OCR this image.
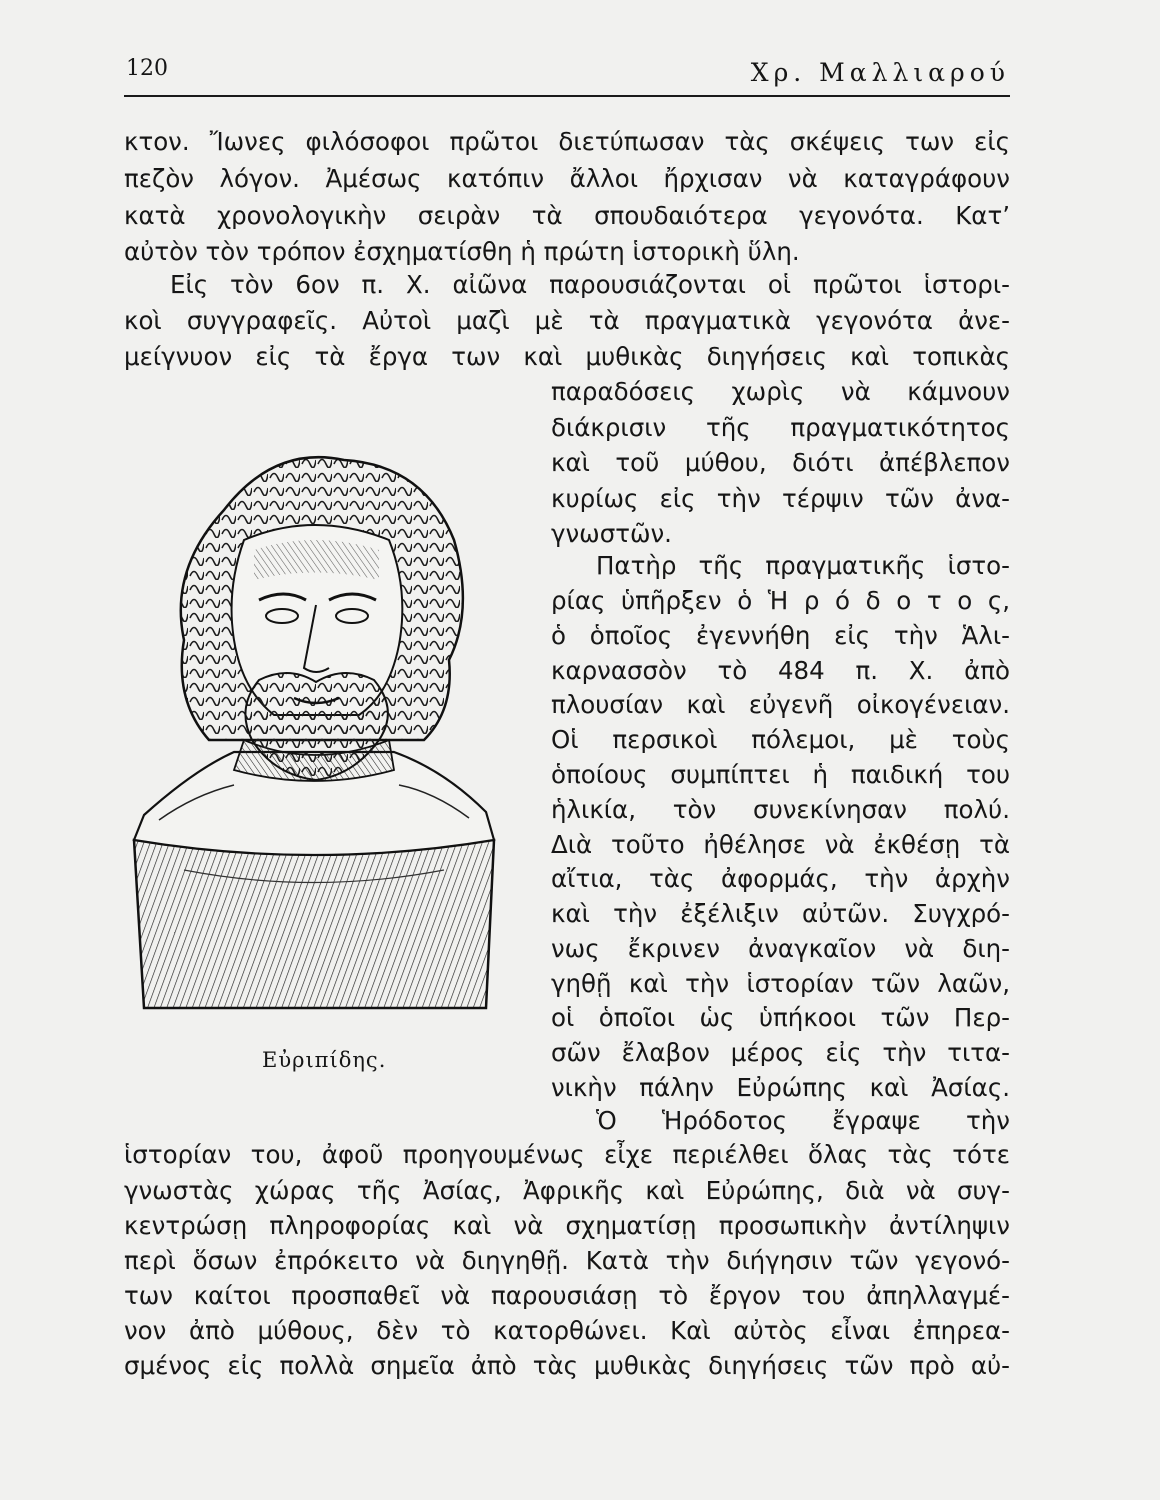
120	Χρ. Μαλλιαρού
κτον. Ἴωνες φιλόσοφοι πρῶτοι διετύπωσαν τὰς σκέψεις των εἰς
πεζὸν λόγον. Ἀμέσως κατόπιν ἄλλοι ἤρχισαν νὰ καταγράφουν
κατὰ χρονολογικὴν σειρὰν τὰ σπουδαιότερα γεγονότα. Κατ’
αὐτὸν τὸν τρόπον ἐσχηματίσθη ἡ πρώτη ἱστορικὴ ὕλη.
Εἰς τὸν 6ον π. Χ. αἰῶνα παρουσιάζονται οἱ πρῶτοι ἱστορι-
κοὶ συγγραφεῖς. Αὐτοὶ μαζὶ μὲ τὰ πραγματικὰ γεγονότα ἀνε-
μείγνυον εἰς τὰ ἔργα των καὶ μυθικὰς διηγήσεις καὶ τοπικὰς
παραδόσεις χωρὶς νὰ κάμνουν
διάκρισιν τῆς πραγματικότητος
καὶ τοῦ μύθου, διότι ἀπέβλεπον
κυρίως εἰς τὴν τέρψιν τῶν ἀνα-
γνωστῶν.
Πατὴρ τῆς πραγματικῆς ἱστο-
ρίας ὑπῆρξεν ὁ Ἡ ρ ό δ ο τ ο ς,
ὁ ὁποῖος ἐγεννήθη εἰς τὴν Ἁλι-
καρνασσὸν τὸ 484 π. Χ. ἀπὸ
πλουσίαν καὶ εὐγενῆ οἰκογένειαν.
Οἱ περσικοὶ πόλεμοι, μὲ τοὺς
ὁποίους συμπίπτει ἡ παιδική του
ἡλικία, τὸν συνεκίνησαν πολύ.
Διὰ τοῦτο ἠθέλησε νὰ ἐκθέσῃ τὰ
αἴτια, τὰς ἀφορμάς, τὴν ἀρχὴν
καὶ τὴν ἐξέλιξιν αὐτῶν. Συγχρό-
νως ἔκρινεν ἀναγκαῖον νὰ διη-
γηθῇ καὶ τὴν ἱστορίαν τῶν λαῶν,
οἱ ὁποῖοι ὡς ὑπήκοοι τῶν Περ-
σῶν ἔλαβον μέρος εἰς τὴν τιτα-
νικὴν πάλην Εὐρώπης καὶ Ἀσίας.
Ὁ Ἡρόδοτος ἔγραψε τὴν
Εὐριπίδης.
ἱστορίαν του, ἀφοῦ προηγουμένως εἶχε περιέλθει ὅλας τὰς τότε
γνωστὰς χώρας τῆς Ἀσίας, Ἀφρικῆς καὶ Εὐρώπης, διὰ νὰ συγ-
κεντρώσῃ πληροφορίας καὶ νὰ σχηματίσῃ προσωπικὴν ἀντίληψιν
περὶ ὅσων ἐπρόκειτο νὰ διηγηθῇ. Κατὰ τὴν διήγησιν τῶν γεγονό-
των καίτοι προσπαθεῖ νὰ παρουσιάσῃ τὸ ἔργον του ἀπηλλαγμέ-
νον ἀπὸ μύθους, δὲν τὸ κατορθώνει. Καὶ αὐτὸς εἶναι ἐπηρεα-
σμένος εἰς πολλὰ σημεῖα ἀπὸ τὰς μυθικὰς διηγήσεις τῶν πρὸ αὐ-
